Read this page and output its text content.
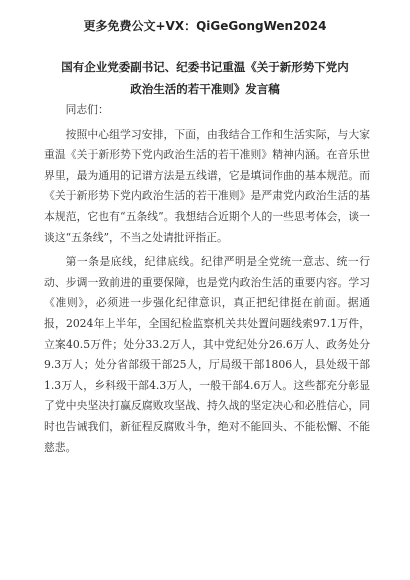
更多免费公文+VX：QiGeGongWen2024
国有企业党委副书记、纪委书记重温《关于新形势下党内
政治生活的若干准则》发言稿

同志们：

按照中心组学习安排，下面，由我结合工作和生活实际，与大家重温《关于新形势下党内政治生活的若干准则》精神内涵。在音乐世界里，最为通用的记谱方法是五线谱，它是填词作曲的基本规范。而《关于新形势下党内政治生活的若干准则》是严肃党内政治生活的基本规范，它也有“五条线”。我想结合近期个人的一些思考体会，谈一谈这“五条线”，不当之处请批评指正。

第一条是底线，纪律底线。纪律严明是全党统一意志、统一行动、步调一致前进的重要保障，也是党内政治生活的重要内容。学习《准则》，必须进一步强化纪律意识，真正把纪律挺在前面。据通报，2024年上半年，全国纪检监察机关共处置问题线索97.1万件，立案40.5万件；处分33.2万人，其中党纪处分26.6万人、政务处分9.3万人；处分省部级干部25人，厅局级干部1806人，县处级干部1.3万人，乡科级干部4.3万人，一般干部4.6万人。这些都充分彰显了党中央坚决打赢反腐败攻坚战、持久战的坚定决心和必胜信心，同时也告诫我们，新征程反腐败斗争，绝对不能回头、不能松懈、不能慈悲。
